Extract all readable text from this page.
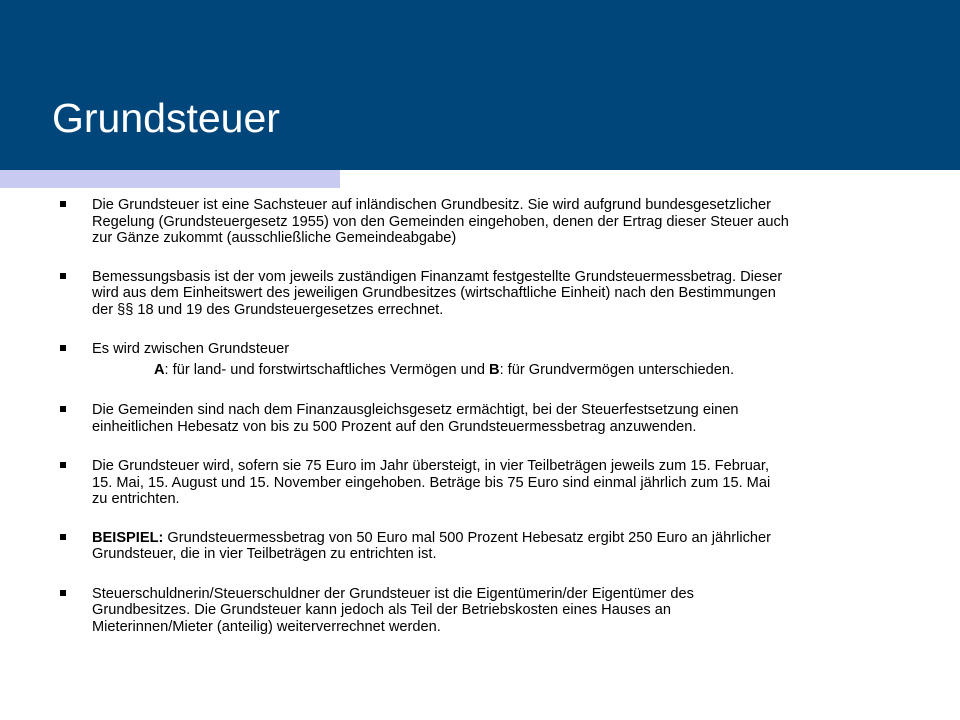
Grundsteuer
Die Grundsteuer ist eine Sachsteuer auf inländischen Grundbesitz. Sie wird aufgrund bundesgesetzlicher
Regelung (Grundsteuergesetz 1955) von den Gemeinden eingehoben, denen der Ertrag dieser Steuer auch
zur Gänze zukommt (ausschließliche Gemeindeabgabe)
Bemessungsbasis ist der vom jeweils zuständigen Finanzamt festgestellte Grundsteuermessbetrag. Dieser
wird aus dem Einheitswert des jeweiligen Grundbesitzes (wirtschaftliche Einheit) nach den Bestimmungen
der §§ 18 und 19 des Grundsteuergesetzes errechnet.
Es wird zwischen Grundsteuer
A: für land- und forstwirtschaftliches Vermögen und B: für Grundvermögen unterschieden.
Die Gemeinden sind nach dem Finanzausgleichsgesetz ermächtigt, bei der Steuerfestsetzung einen
einheitlichen Hebesatz von bis zu 500 Prozent auf den Grundsteuermessbetrag anzuwenden.
Die Grundsteuer wird, sofern sie 75 Euro im Jahr übersteigt, in vier Teilbeträgen jeweils zum 15. Februar,
15. Mai, 15. August und 15. November eingehoben. Beträge bis 75 Euro sind einmal jährlich zum 15. Mai
zu entrichten.
BEISPIEL: Grundsteuermessbetrag von 50 Euro mal 500 Prozent Hebesatz ergibt 250 Euro an jährlicher
Grundsteuer, die in vier Teilbeträgen zu entrichten ist.
Steuerschuldnerin/Steuerschuldner der Grundsteuer ist die Eigentümerin/der Eigentümer des
Grundbesitzes. Die Grundsteuer kann jedoch als Teil der Betriebskosten eines Hauses an
Mieterinnen/Mieter (anteilig) weiterverrechnet werden.
